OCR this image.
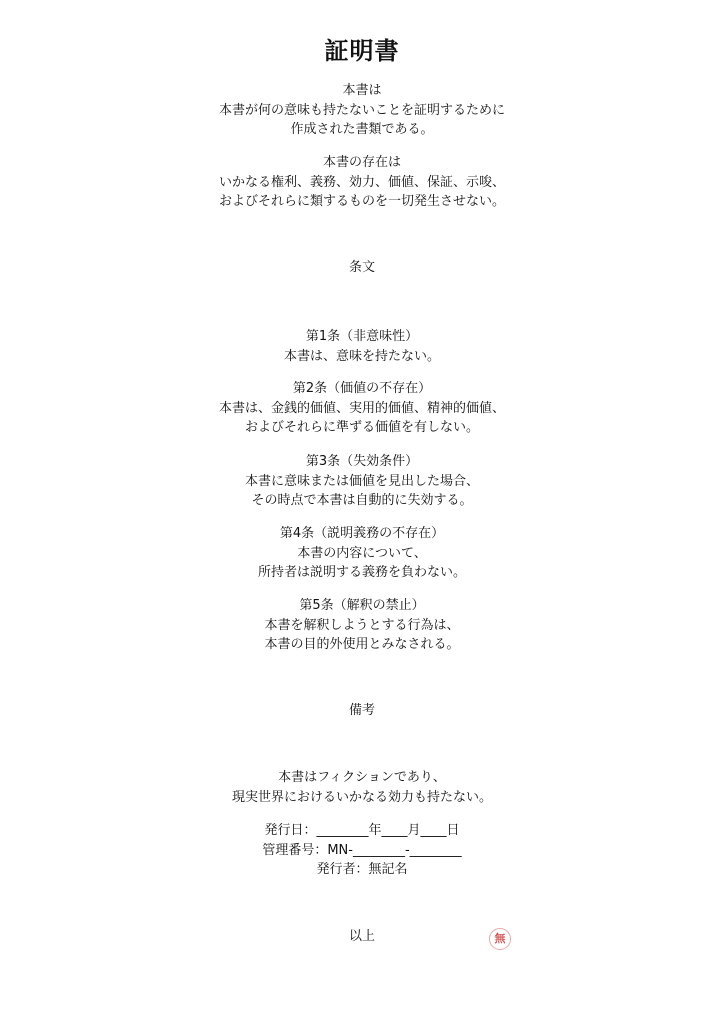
証明書
本書は
本書が何の意味も持たないことを証明するために
作成された書類である。
本書の存在は
いかなる権利、義務、効力、価値、保証、示唆、
およびそれらに類するものを一切発生させない。
条文
第1条（非意味性）
本書は、意味を持たない。
第2条（価値の不存在）
本書は、金銭的価値、実用的価値、精神的価値、
およびそれらに準ずる価値を有しない。
第3条（失効条件）
本書に意味または価値を見出した場合、
その時点で本書は自動的に失効する。
第4条（説明義務の不存在）
本書の内容について、
所持者は説明する義務を負わない。
第5条（解釈の禁止）
本書を解釈しようとする行為は、
本書の目的外使用とみなされる。
備考
本書はフィクションであり、
現実世界におけるいかなる効力も持たない。
発行日：________年____月____日
管理番号：MN-________-________
発行者：無記名
以上	無
